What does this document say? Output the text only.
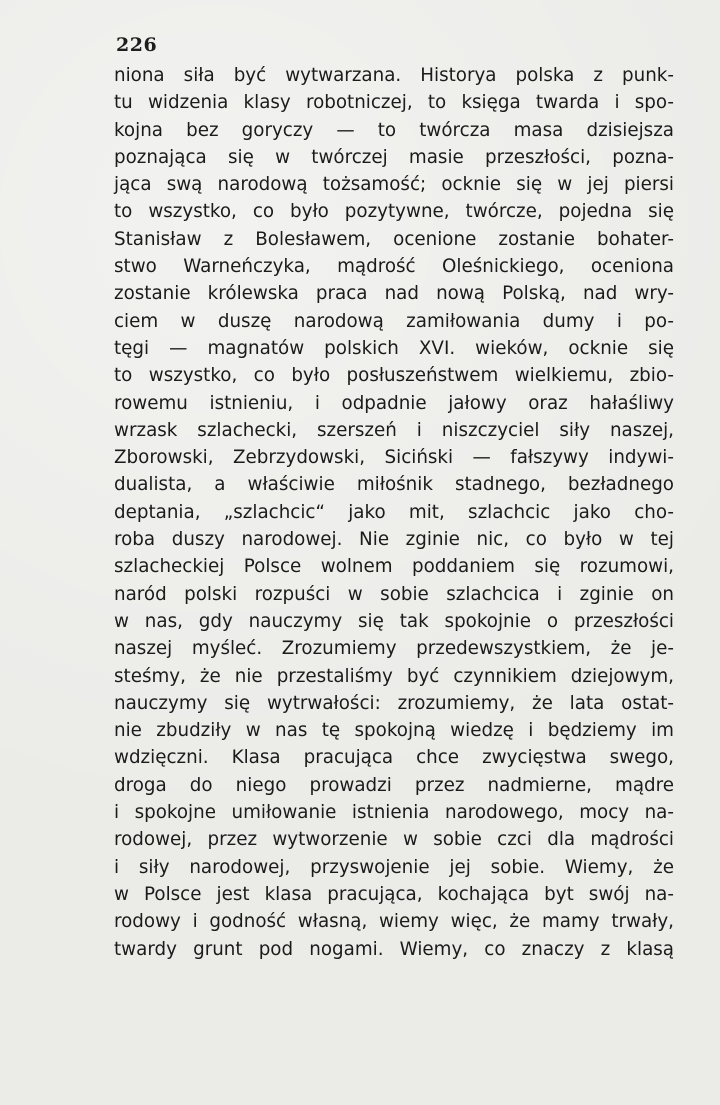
226
niona siła być wytwarzana. Historya polska z punk-
tu widzenia klasy robotniczej, to księga twarda i spo-
kojna bez goryczy — to twórcza masa dzisiejsza
poznająca się w twórczej masie przeszłości, pozna-
jąca swą narodową tożsamość; ocknie się w jej piersi
to wszystko, co było pozytywne, twórcze, pojedna się
Stanisław z Bolesławem, ocenione zostanie bohater-
stwo Warneńczyka, mądrość Oleśnickiego, oceniona
zostanie królewska praca nad nową Polską, nad wry-
ciem w duszę narodową zamiłowania dumy i po-
tęgi — magnatów polskich XVI. wieków, ocknie się
to wszystko, co było posłuszeństwem wielkiemu, zbio-
rowemu istnieniu, i odpadnie jałowy oraz hałaśliwy
wrzask szlachecki, szerszeń i niszczyciel siły naszej,
Zborowski, Zebrzydowski, Siciński — fałszywy indywi-
dualista, a właściwie miłośnik stadnego, bezładnego
deptania, „szlachcic“ jako mit, szlachcic jako cho-
roba duszy narodowej. Nie zginie nic, co było w tej
szlacheckiej Polsce wolnem poddaniem się rozumowi,
naród polski rozpuści w sobie szlachcica i zginie on
w nas, gdy nauczymy się tak spokojnie o przeszłości
naszej myśleć. Zrozumiemy przedewszystkiem, że je-
steśmy, że nie przestaliśmy być czynnikiem dziejowym,
nauczymy się wytrwałości: zrozumiemy, że lata ostat-
nie zbudziły w nas tę spokojną wiedzę i będziemy im
wdzięczni. Klasa pracująca chce zwycięstwa swego,
droga do niego prowadzi przez nadmierne, mądre
i spokojne umiłowanie istnienia narodowego, mocy na-
rodowej, przez wytworzenie w sobie czci dla mądrości
i siły narodowej, przyswojenie jej sobie. Wiemy, że
w Polsce jest klasa pracująca, kochająca byt swój na-
rodowy i godność własną, wiemy więc, że mamy trwały,
twardy grunt pod nogami. Wiemy, co znaczy z klasą
